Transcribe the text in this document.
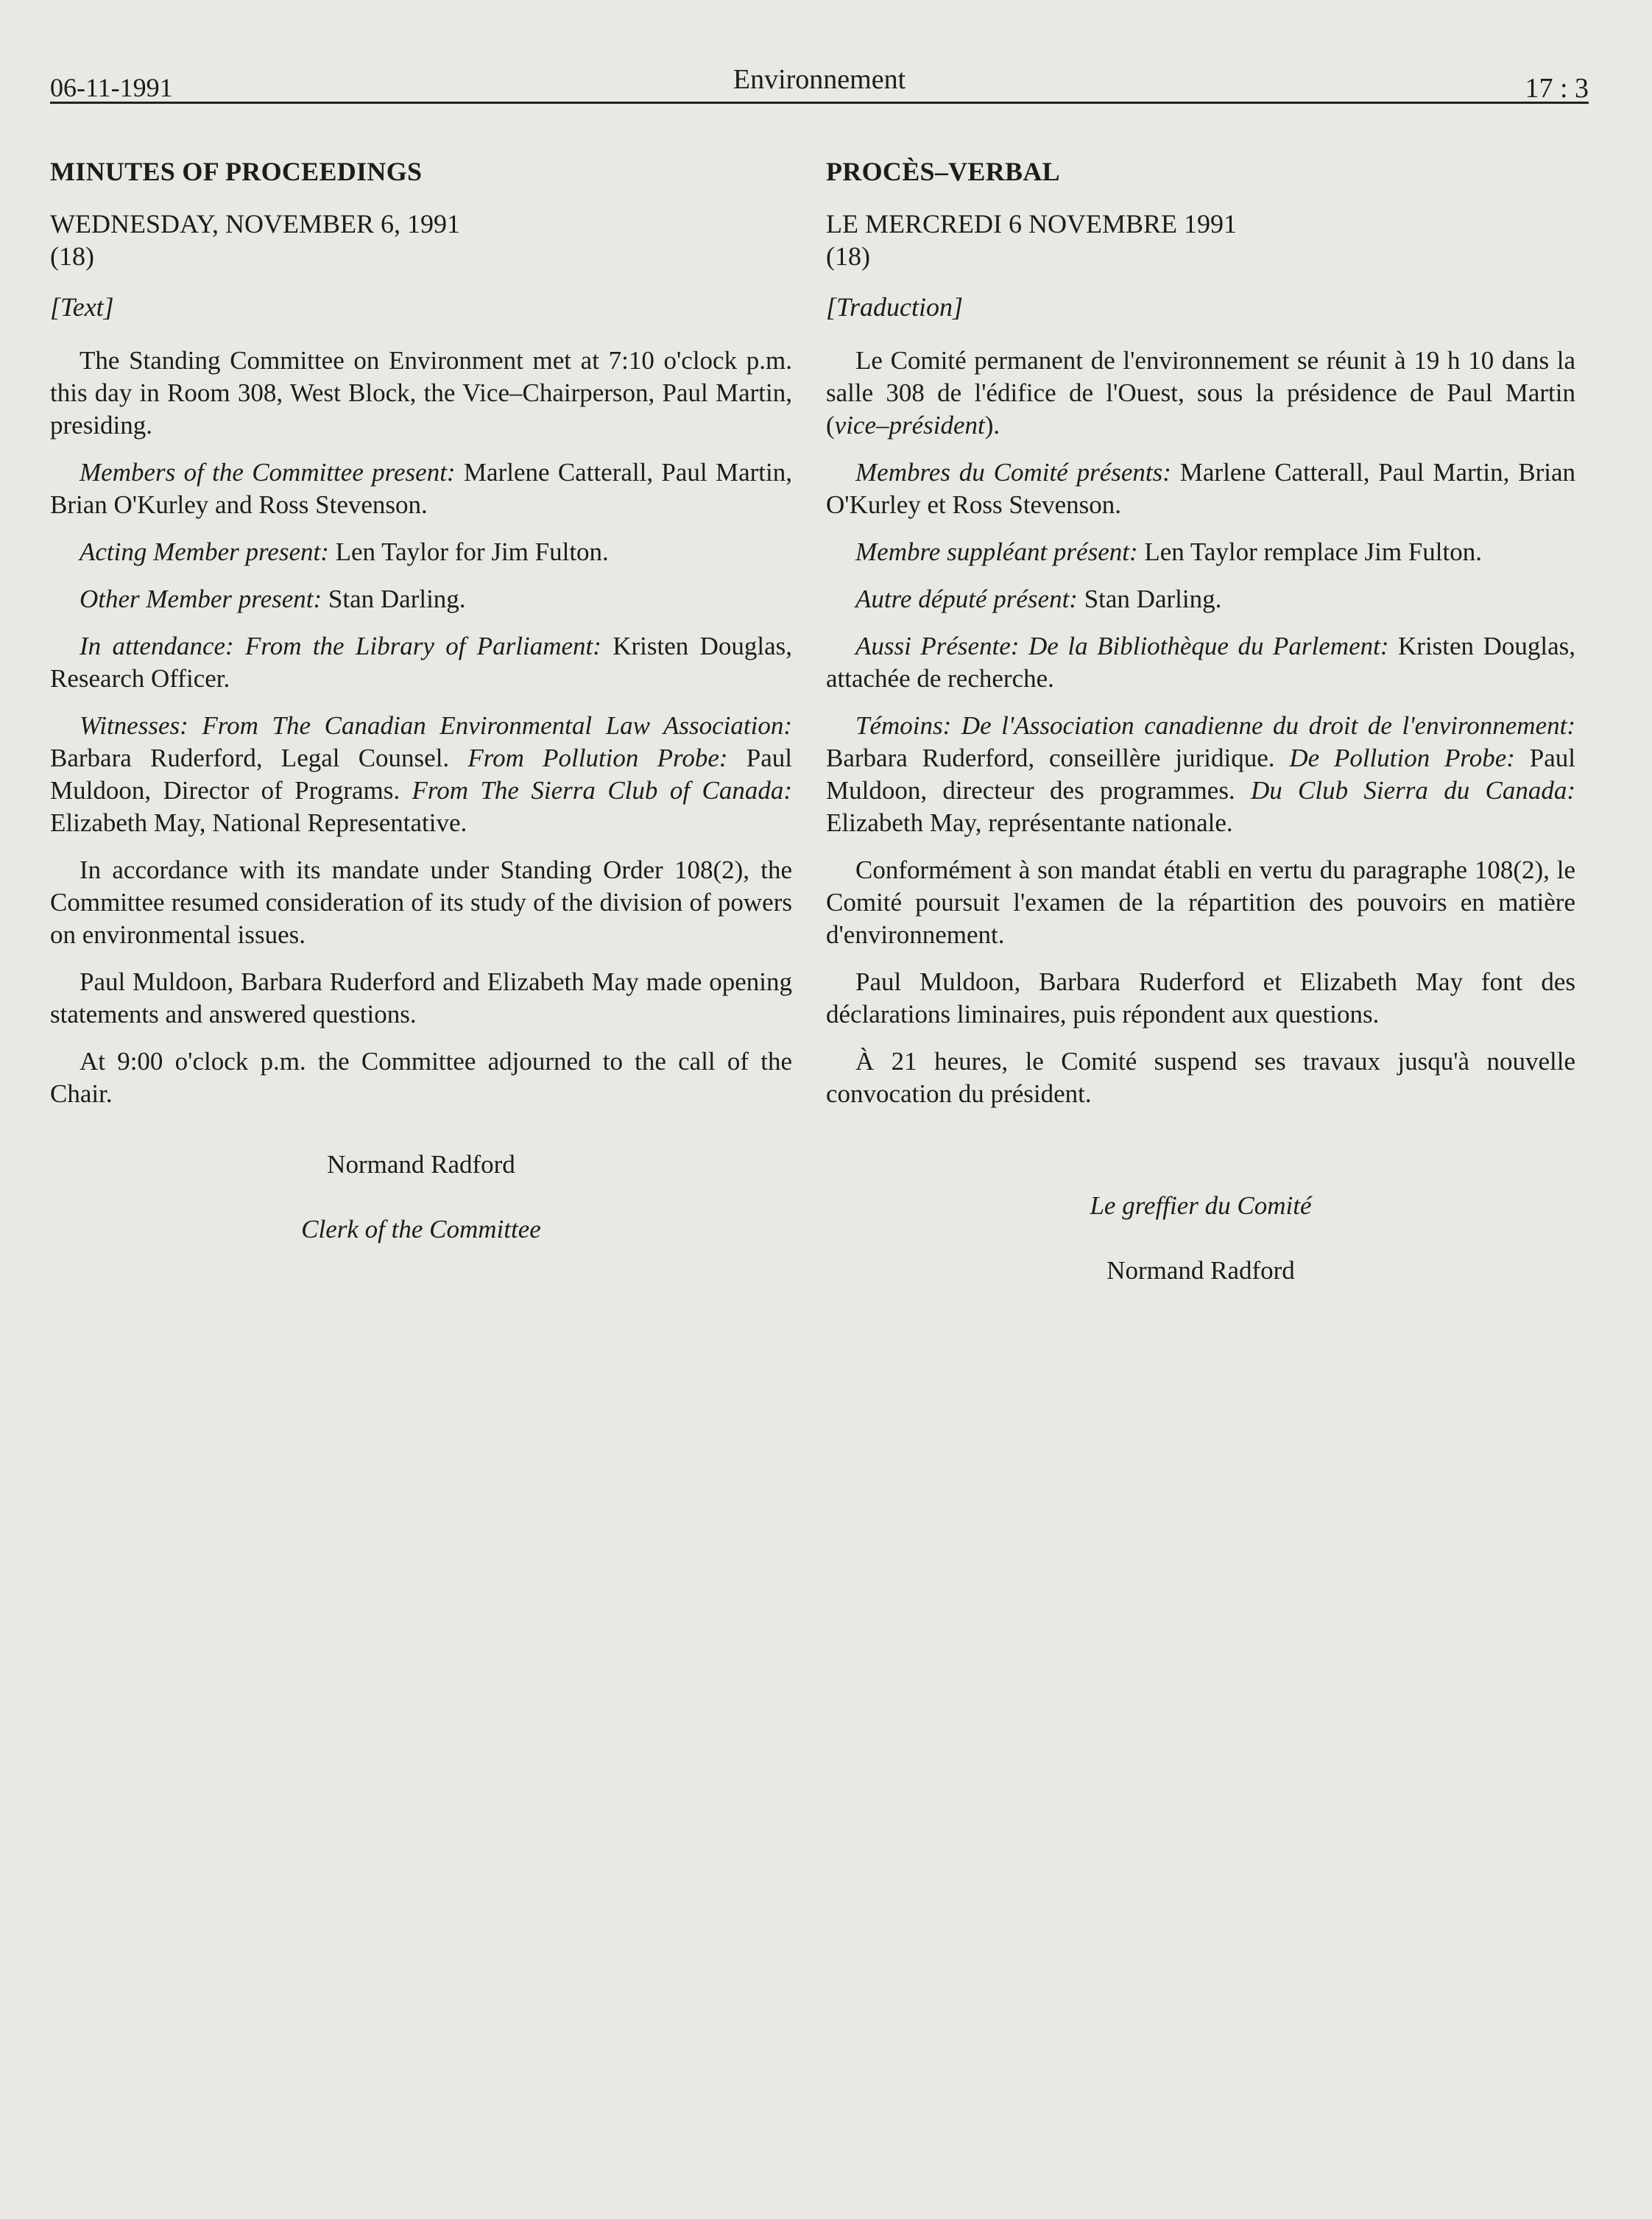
06-11-1991	Environnement	17 : 3

MINUTES OF PROCEEDINGS

WEDNESDAY, NOVEMBER 6, 1991

(18)

[Text]

The Standing Committee on Environment met at 7:10 o'clock p.m. this day in Room 308, West Block, the Vice–Chairperson, Paul Martin, presiding.

Members of the Committee present: Marlene Catterall, Paul Martin, Brian O'Kurley and Ross Stevenson.

Acting Member present: Len Taylor for Jim Fulton.

Other Member present: Stan Darling.

In attendance: From the Library of Parliament: Kristen Douglas, Research Officer.

Witnesses: From The Canadian Environmental Law Association: Barbara Ruderford, Legal Counsel. From Pollution Probe: Paul Muldoon, Director of Programs. From The Sierra Club of Canada: Elizabeth May, National Representative.

In accordance with its mandate under Standing Order 108(2), the Committee resumed consideration of its study of the division of powers on environmental issues.

Paul Muldoon, Barbara Ruderford and Elizabeth May made opening statements and answered questions.

At 9:00 o'clock p.m. the Committee adjourned to the call of the Chair.

Normand Radford

Clerk of the Committee

PROCÈS–VERBAL

LE MERCREDI 6 NOVEMBRE 1991

(18)

[Traduction]

Le Comité permanent de l'environnement se réunit à 19 h 10 dans la salle 308 de l'édifice de l'Ouest, sous la présidence de Paul Martin (vice–président).

Membres du Comité présents: Marlene Catterall, Paul Martin, Brian O'Kurley et Ross Stevenson.

Membre suppléant présent: Len Taylor remplace Jim Fulton.

Autre député présent: Stan Darling.

Aussi Présente: De la Bibliothèque du Parlement: Kristen Douglas, attachée de recherche.

Témoins: De l'Association canadienne du droit de l'environnement: Barbara Ruderford, conseillère juridique. De Pollution Probe: Paul Muldoon, directeur des programmes. Du Club Sierra du Canada: Elizabeth May, représentante nationale.

Conformément à son mandat établi en vertu du paragraphe 108(2), le Comité poursuit l'examen de la répartition des pouvoirs en matière d'environnement.

Paul Muldoon, Barbara Ruderford et Elizabeth May font des déclarations liminaires, puis répondent aux questions.

À 21 heures, le Comité suspend ses travaux jusqu'à nouvelle convocation du président.

Le greffier du Comité

Normand Radford
